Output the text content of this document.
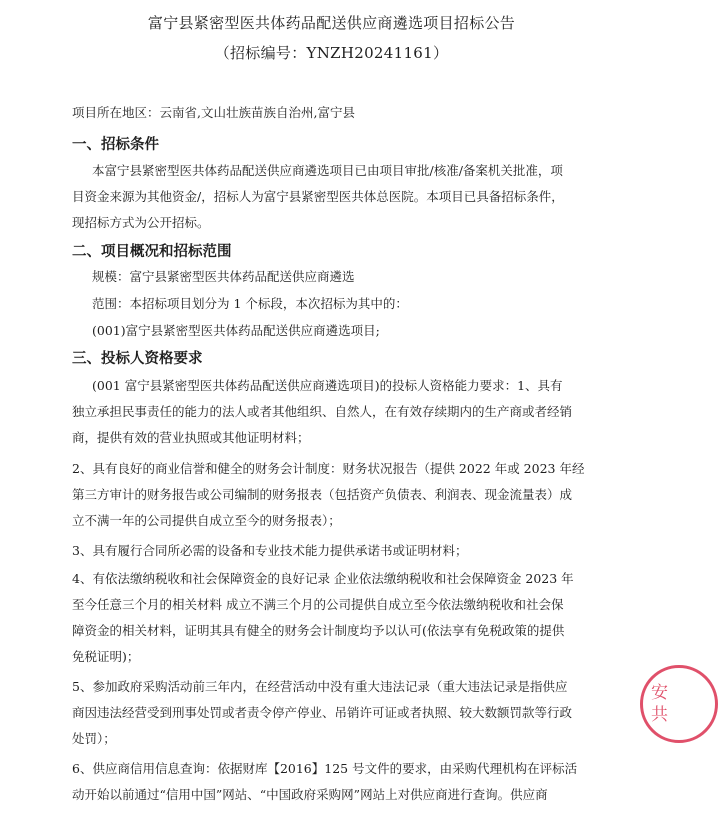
富宁县紧密型医共体药品配送供应商遴选项目招标公告
（招标编号：YNZH20241161）
项目所在地区：云南省,文山壮族苗族自治州,富宁县
一、招标条件
本富宁县紧密型医共体药品配送供应商遴选项目已由项目审批/核准/备案机关批准，项
目资金来源为其他资金/，招标人为富宁县紧密型医共体总医院。本项目已具备招标条件，
现招标方式为公开招标。
二、项目概况和招标范围
规模：富宁县紧密型医共体药品配送供应商遴选
范围：本招标项目划分为 1 个标段，本次招标为其中的：
(001)富宁县紧密型医共体药品配送供应商遴选项目;
三、投标人资格要求
(001 富宁县紧密型医共体药品配送供应商遴选项目)的投标人资格能力要求：1、具有
独立承担民事责任的能力的法人或者其他组织、自然人，在有效存续期内的生产商或者经销
商，提供有效的营业执照或其他证明材料；
2、具有良好的商业信誉和健全的财务会计制度：财务状况报告（提供 2022 年或 2023 年经
第三方审计的财务报告或公司编制的财务报表（包括资产负债表、利润表、现金流量表）成
立不满一年的公司提供自成立至今的财务报表）；
3、具有履行合同所必需的设备和专业技术能力提供承诺书或证明材料；
4、有依法缴纳税收和社会保障资金的良好记录 企业依法缴纳税收和社会保障资金 2023 年
至今任意三个月的相关材料 成立不满三个月的公司提供自成立至今依法缴纳税收和社会保
障资金的相关材料，证明其具有健全的财务会计制度均予以认可(依法享有免税政策的提供
免税证明)；
5、参加政府采购活动前三年内，在经营活动中没有重大违法记录（重大违法记录是指供应
商因违法经营受到刑事处罚或者责令停产停业、吊销许可证或者执照、较大数额罚款等行政
处罚）；
6、供应商信用信息查询：依据财库【2016】125 号文件的要求，由采购代理机构在评标活
动开始以前通过“信用中国”网站、“中国政府采购网”网站上对供应商进行查询。供应商
安
共
